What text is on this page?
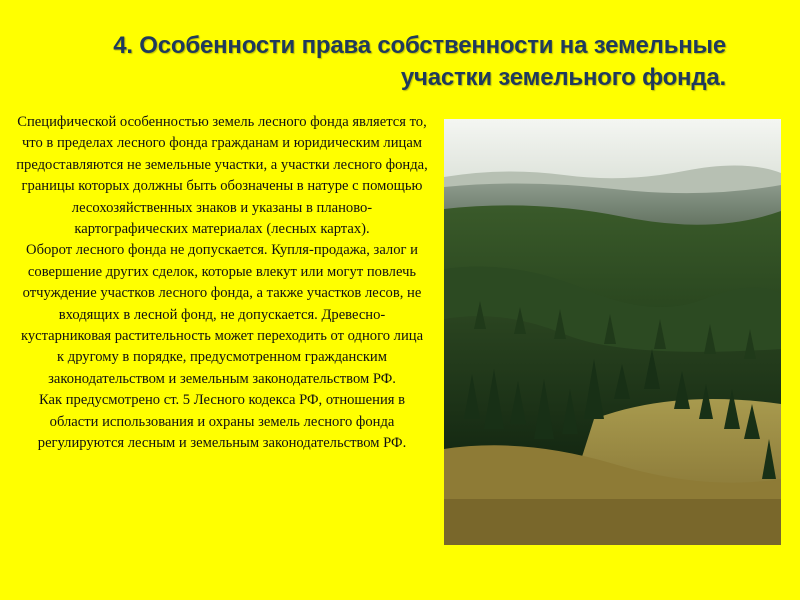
4. Особенности права собственности на земельные
участки земельного фонда.

Специфической особенностью земель лесного фонда является то, что в пределах лесного фонда гражданам и юридическим лицам предоставляются не земельные участки, а участки лесного фонда, границы которых должны быть обозначены в натуре с помощью лесохозяйственных знаков и указаны в планово-картографических материалах (лесных картах).

Оборот лесного фонда не допускается. Купля-продажа, залог и совершение других сделок, которые влекут или могут повлечь отчуждение участков лесного фонда, а также участков лесов, не входящих в лесной фонд, не допускается. Древесно-кустарниковая растительность может переходить от одного лица к другому в порядке, предусмотренном гражданским законодательством и земельным законодательством РФ.

Как предусмотрено ст. 5 Лесного кодекса РФ, отношения в области использования и охраны земель лесного фонда регулируются лесным и земельным законодательством РФ.
